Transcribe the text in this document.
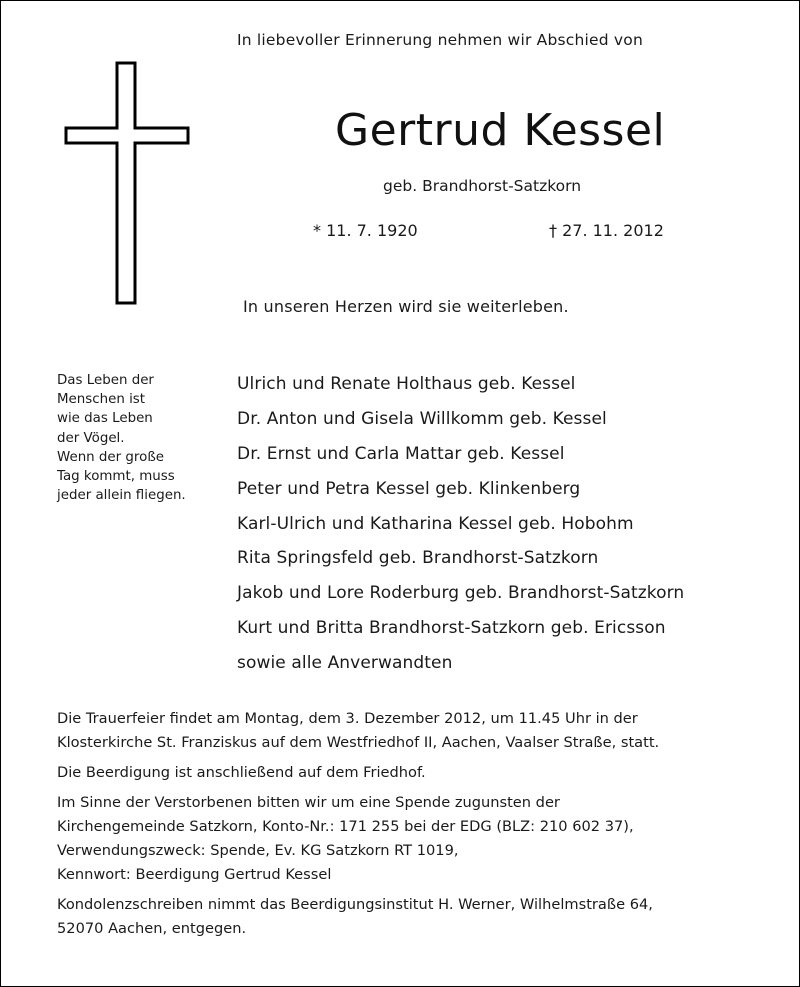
In liebevoller Erinnerung nehmen wir Abschied von
Gertrud Kessel
geb. Brandhorst-Satzkorn
* 11. 7. 1920	† 27. 11. 2012
In unseren Herzen wird sie weiterleben.
Das Leben der
Menschen ist
wie das Leben
der Vögel.
Wenn der große
Tag kommt, muss
jeder allein fliegen.
Ulrich und Renate Holthaus geb. Kessel
Dr. Anton und Gisela Willkomm geb. Kessel
Dr. Ernst und Carla Mattar geb. Kessel
Peter und Petra Kessel geb. Klinkenberg
Karl-Ulrich und Katharina Kessel geb. Hobohm
Rita Springsfeld geb. Brandhorst-Satzkorn
Jakob und Lore Roderburg geb. Brandhorst-Satzkorn
Kurt und Britta Brandhorst-Satzkorn geb. Ericsson
sowie alle Anverwandten
Die Trauerfeier findet am Montag, dem 3. Dezember 2012, um 11.45 Uhr in der
Klosterkirche St. Franziskus auf dem Westfriedhof II, Aachen, Vaalser Straße, statt.
Die Beerdigung ist anschließend auf dem Friedhof.
Im Sinne der Verstorbenen bitten wir um eine Spende zugunsten der
Kirchengemeinde Satzkorn, Konto-Nr.: 171 255 bei der EDG (BLZ: 210 602 37),
Verwendungszweck: Spende, Ev. KG Satzkorn RT 1019,
Kennwort: Beerdigung Gertrud Kessel
Kondolenzschreiben nimmt das Beerdigungsinstitut H. Werner, Wilhelmstraße 64,
52070 Aachen, entgegen.
